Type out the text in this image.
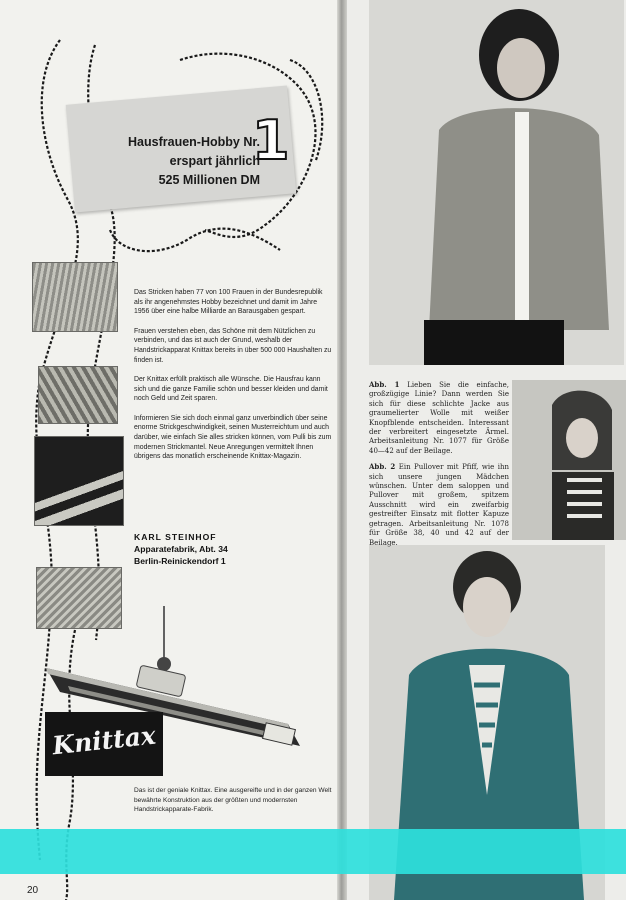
Hausfrauen-Hobby Nr.
erspart jährlich
525 Millionen DM
1

Das Stricken haben 77 von 100 Frauen in der Bundesrepublik als ihr angenehmstes Hobby bezeichnet und damit im Jahre 1956 über eine halbe Milliarde an Barausgaben gespart.

Frauen verstehen eben, das Schöne mit dem Nützlichen zu verbinden, und das ist auch der Grund, weshalb der Handstrickapparat Knittax bereits in über 500 000 Haushalten zu finden ist.

Der Knittax erfüllt praktisch alle Wünsche. Die Hausfrau kann sich und die ganze Familie schön und besser kleiden und damit noch Geld und Zeit sparen.

Informieren Sie sich doch einmal ganz unverbindlich über seine enorme Strickgeschwindigkeit, seinen Musterreichtum und auch darüber, wie einfach Sie alles stricken können, vom Pulli bis zum modernen Strickmantel. Neue Anregungen vermittelt Ihnen übrigens das monatlich erscheinende Knittax-Magazin.

KARL STEINHOF
Apparatefabrik, Abt. 34
Berlin-Reinickendorf 1
Knittax
Das ist der geniale Knittax. Eine ausgereifte und in der ganzen Welt bewährte Konstruktion aus der größten und modernsten Handstrickapparate-Fabrik.

Abb. 1 Lieben Sie die einfache, großzügige Linie? Dann werden Sie sich für diese schlichte Jacke aus graumelierter Wolle mit weißer Knopfblende entscheiden. Interessant der verbreitert eingesetzte Ärmel. Arbeitsanleitung Nr. 1077 für Größe 40—42 auf der Beilage.

Abb. 2 Ein Pullover mit Pfiff, wie ihn sich unsere jungen Mädchen wünschen. Unter dem saloppen und Pullover mit großem, spitzem Ausschnitt wird ein zweifarbig gestreifter Einsatz mit flotter Kapuze getragen. Arbeitsanleitung Nr. 1078 für Größe 38, 40 und 42 auf der Beilage.

20
